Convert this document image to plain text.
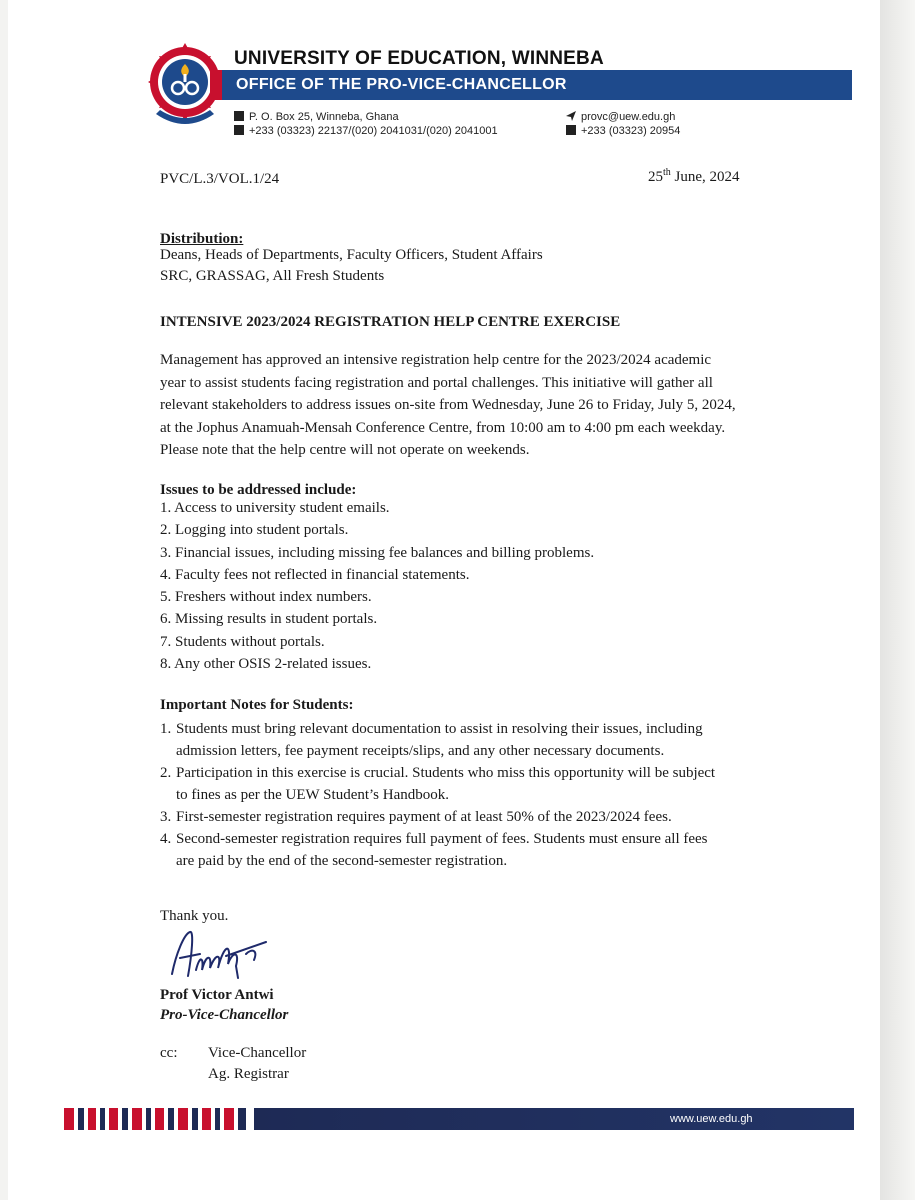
UNIVERSITY OF EDUCATION, WINNEBA
OFFICE OF THE PRO-VICE-CHANCELLOR
P. O. Box 25, Winneba, Ghana
+233 (03323) 22137/(020) 2041031/(020) 2041001
provc@uew.edu.gh
+233 (03323) 20954
PVC/L.3/VOL.1/24	25th June, 2024
Distribution:
Deans, Heads of Departments, Faculty Officers, Student Affairs
SRC, GRASSAG, All Fresh Students
INTENSIVE 2023/2024 REGISTRATION HELP CENTRE EXERCISE
Management has approved an intensive registration help centre for the 2023/2024 academic
year to assist students facing registration and portal challenges. This initiative will gather all
relevant stakeholders to address issues on-site from Wednesday, June 26 to Friday, July 5, 2024,
at the Jophus Anamuah-Mensah Conference Centre, from 10:00 am to 4:00 pm each weekday.
Please note that the help centre will not operate on weekends.
Issues to be addressed include:
1. Access to university student emails.
2. Logging into student portals.
3. Financial issues, including missing fee balances and billing problems.
4. Faculty fees not reflected in financial statements.
5. Freshers without index numbers.
6. Missing results in student portals.
7. Students without portals.
8. Any other OSIS 2-related issues.
Important Notes for Students:
1. Students must bring relevant documentation to assist in resolving their issues, including
admission letters, fee payment receipts/slips, and any other necessary documents.
2. Participation in this exercise is crucial. Students who miss this opportunity will be subject
to fines as per the UEW Student’s Handbook.
3. First-semester registration requires payment of at least 50% of the 2023/2024 fees.
4. Second-semester registration requires full payment of fees. Students must ensure all fees
are paid by the end of the second-semester registration.
Thank you.
Prof Victor Antwi
Pro-Vice-Chancellor
cc: Vice-Chancellor
Ag. Registrar
www.uew.edu.gh
